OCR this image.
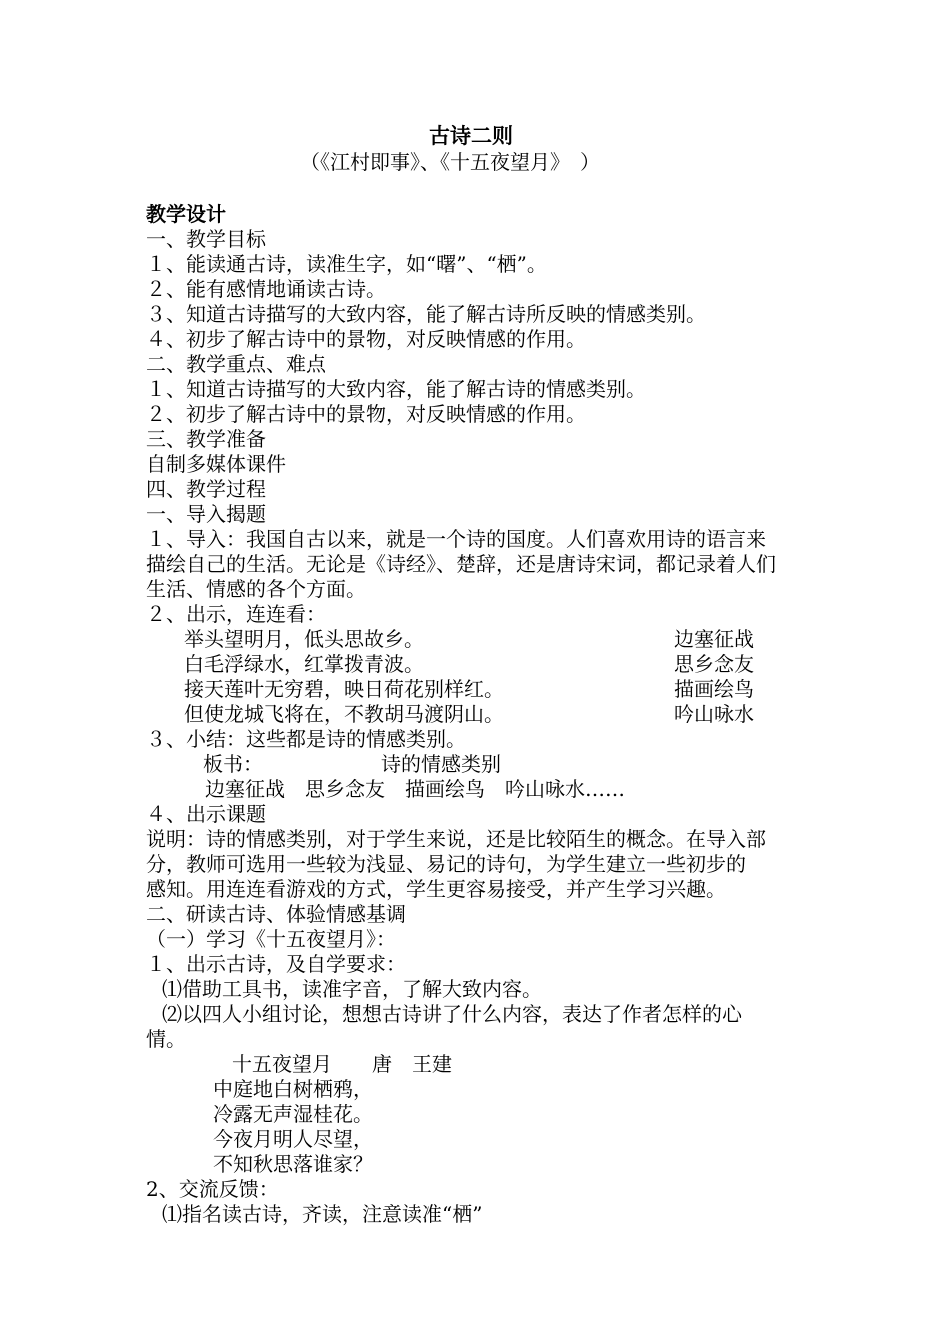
古诗二则
（《江村即事》、《十五夜望月》　）
教学设计
一、教学目标
１、能读通古诗，读准生字，如“曙”、“栖”。
２、能有感情地诵读古诗。
３、知道古诗描写的大致内容，能了解古诗所反映的情感类别。
４、初步了解古诗中的景物，对反映情感的作用。
二、教学重点、难点
１、知道古诗描写的大致内容，能了解古诗的情感类别。
２、初步了解古诗中的景物，对反映情感的作用。
三、教学准备
自制多媒体课件
四、教学过程
一、导入揭题
１、导入：我国自古以来，就是一个诗的国度。人们喜欢用诗的语言来
描绘自己的生活。无论是《诗经》、楚辞，还是唐诗宋词，都记录着人们
生活、情感的各个方面。
２、出示，连连看：
举头望明月，低头思故乡。	边塞征战
白毛浮绿水，红掌拨青波。	思乡念友
接天莲叶无穷碧，映日荷花别样红。	描画绘鸟
但使龙城飞将在，不教胡马渡阴山。	吟山咏水
３、小结：这些都是诗的情感类别。
板书：	诗的情感类别
边塞征战　思乡念友　描画绘鸟　吟山咏水……
４、出示课题
说明：诗的情感类别，对于学生来说，还是比较陌生的概念。在导入部
分，教师可选用一些较为浅显、易记的诗句，为学生建立一些初步的
感知。用连连看游戏的方式，学生更容易接受，并产生学习兴趣。
二、研读古诗、体验情感基调
（一）学习《十五夜望月》：
１、出示古诗，及自学要求：
⑴借助工具书，读准字音，了解大致内容。
⑵以四人小组讨论，想想古诗讲了什么内容，表达了作者怎样的心
情。
十五夜望月　　唐　王建
中庭地白树栖鸦，
冷露无声湿桂花。
今夜月明人尽望，
不知秋思落谁家？
2、交流反馈：
⑴指名读古诗，齐读，注意读准“栖”
